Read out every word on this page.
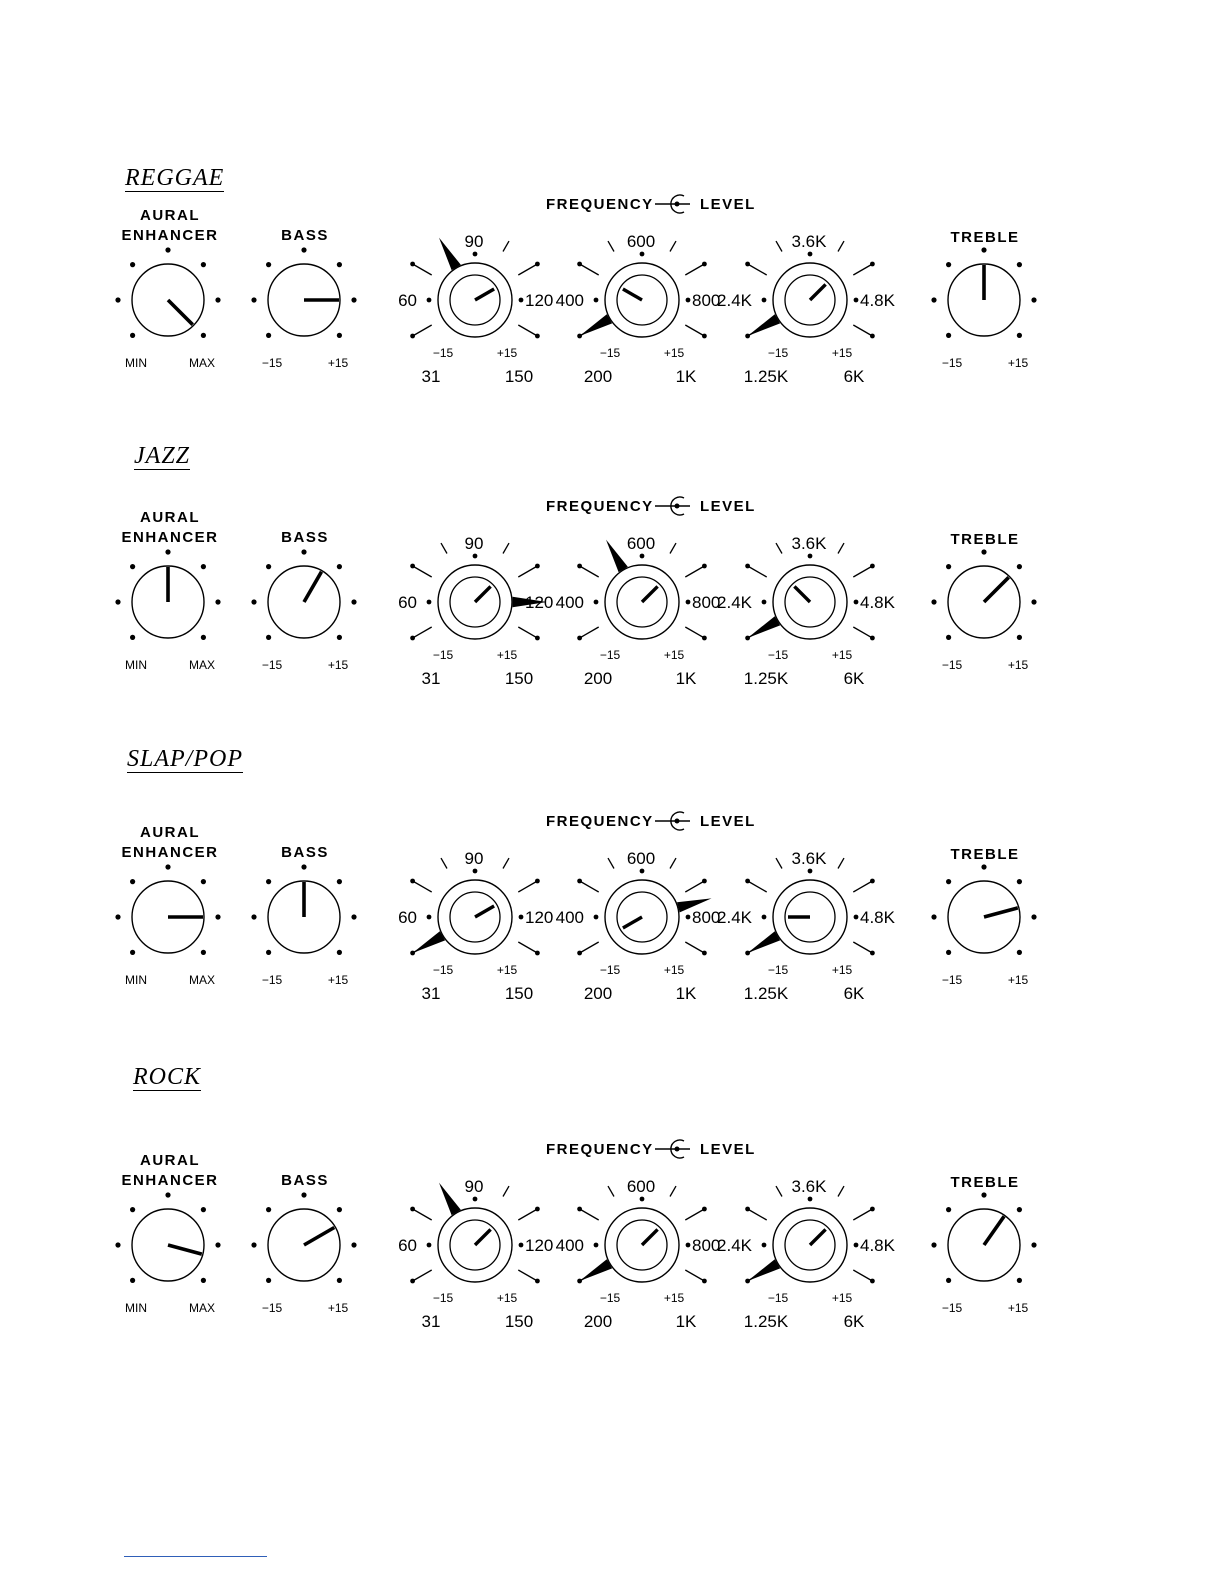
REGGAE
FREQUENCY	LEVEL
AURAL
ENHANCER
MIN	MAX
BASS
−15	+15
90
60	120
−15	+15
31	150
600
400	800
−15	+15
200	1K
3.6K
2.4K	4.8K
−15	+15
1.25K	6K
TREBLE
−15	+15
JAZZ
FREQUENCY	LEVEL
AURAL
ENHANCER
MIN	MAX
BASS
−15	+15
90
60	120
−15	+15
31	150
600
400	800
−15	+15
200	1K
3.6K
2.4K	4.8K
−15	+15
1.25K	6K
TREBLE
−15	+15
SLAP/POP
FREQUENCY	LEVEL
AURAL
ENHANCER
MIN	MAX
BASS
−15	+15
90
60	120
−15	+15
31	150
600
400	800
−15	+15
200	1K
3.6K
2.4K	4.8K
−15	+15
1.25K	6K
TREBLE
−15	+15
ROCK
FREQUENCY	LEVEL
AURAL
ENHANCER
MIN	MAX
BASS
−15	+15
90
60	120
−15	+15
31	150
600
400	800
−15	+15
200	1K
3.6K
2.4K	4.8K
−15	+15
1.25K	6K
TREBLE
−15	+15
